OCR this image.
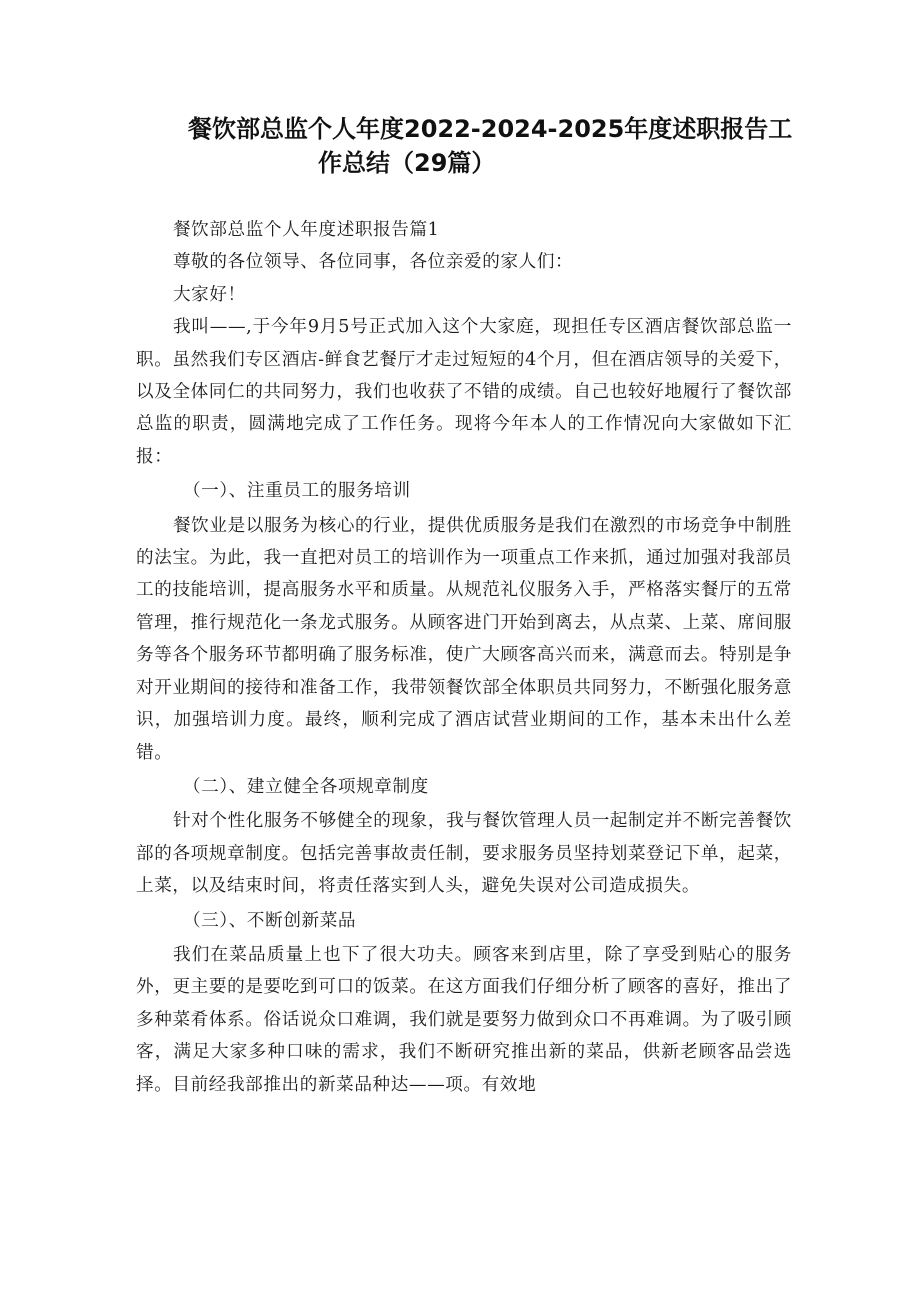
餐饮部总监个人年度2022-2024-2025年度述职报告工
作总结（29篇）

餐饮部总监个人年度述职报告篇1

尊敬的各位领导、各位同事，各位亲爱的家人们：

大家好！

我叫——,于今年9月5号正式加入这个大家庭，现担任专区酒店餐饮部总监一职。虽然我们专区酒店-鲜食艺餐厅才走过短短的4个月，但在酒店领导的关爱下，以及全体同仁的共同努力，我们也收获了不错的成绩。自己也较好地履行了餐饮部总监的职责，圆满地完成了工作任务。现将今年本人的工作情况向大家做如下汇报：

（一）、注重员工的服务培训

餐饮业是以服务为核心的行业，提供优质服务是我们在激烈的市场竞争中制胜的法宝。为此，我一直把对员工的培训作为一项重点工作来抓，通过加强对我部员工的技能培训，提高服务水平和质量。从规范礼仪服务入手，严格落实餐厅的五常管理，推行规范化一条龙式服务。从顾客进门开始到离去，从点菜、上菜、席间服务等各个服务环节都明确了服务标准，使广大顾客高兴而来，满意而去。特别是争对开业期间的接待和准备工作，我带领餐饮部全体职员共同努力，不断强化服务意识，加强培训力度。最终，顺利完成了酒店试营业期间的工作，基本未出什么差错。

（二）、建立健全各项规章制度

针对个性化服务不够健全的现象，我与餐饮管理人员一起制定并不断完善餐饮部的各项规章制度。包括完善事故责任制，要求服务员坚持划菜登记下单，起菜，上菜，以及结束时间，将责任落实到人头，避免失误对公司造成损失。

（三）、不断创新菜品

我们在菜品质量上也下了很大功夫。顾客来到店里，除了享受到贴心的服务外，更主要的是要吃到可口的饭菜。在这方面我们仔细分析了顾客的喜好，推出了多种菜肴体系。俗话说众口难调，我们就是要努力做到众口不再难调。为了吸引顾客，满足大家多种口味的需求，我们不断研究推出新的菜品，供新老顾客品尝选择。目前经我部推出的新菜品种达——项。有效地
